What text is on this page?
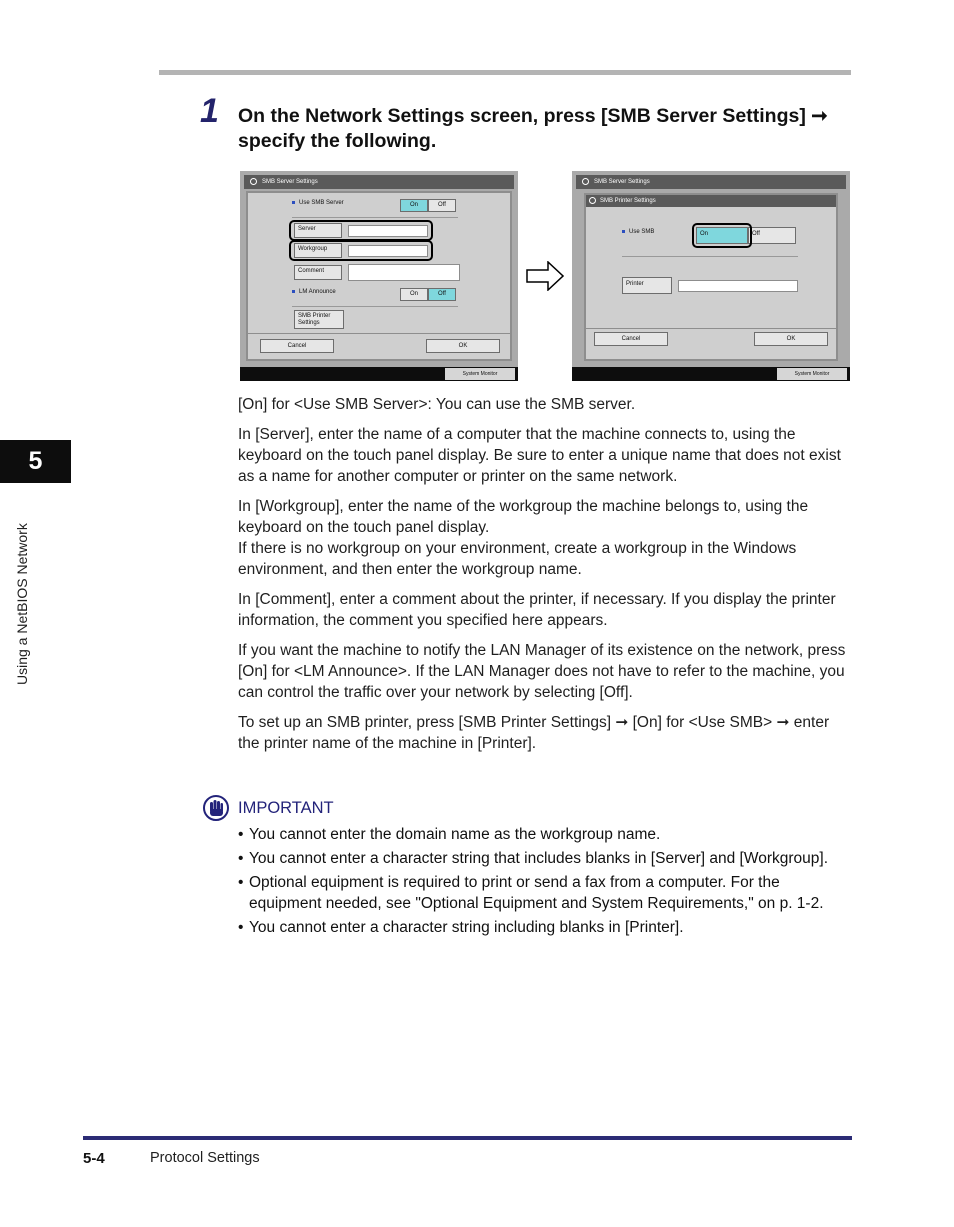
1 On the Network Settings screen, press [SMB Server Settings] ➞ specify the following.
SMB Server Settings
Use SMB Server	On	Off
Server
Workgroup
Comment
LM Announce	On	Off
SMB Printer Settings
Cancel	OK
System Monitor
SMB Server Settings
SMB Printer Settings
Use SMB	On	Off
Printer
Cancel	OK
System Monitor

[On] for <Use SMB Server>: You can use the SMB server.

In [Server], enter the name of a computer that the machine connects to, using the keyboard on the touch panel display. Be sure to enter a unique name that does not exist as a name for another computer or printer on the same network.

In [Workgroup], enter the name of the workgroup the machine belongs to, using the keyboard on the touch panel display.
If there is no workgroup on your environment, create a workgroup in the Windows environment, and then enter the workgroup name.

In [Comment], enter a comment about the printer, if necessary. If you display the printer information, the comment you specified here appears.

If you want the machine to notify the LAN Manager of its existence on the network, press [On] for <LM Announce>. If the LAN Manager does not have to refer to the machine, you can control the traffic over your network by selecting [Off].

To set up an SMB printer, press [SMB Printer Settings] ➞ [On] for <Use SMB> ➞ enter the printer name of the machine in [Printer].

IMPORTANT
• You cannot enter the domain name as the workgroup name.
• You cannot enter a character string that includes blanks in [Server] and [Workgroup].
• Optional equipment is required to print or send a fax from a computer. For the equipment needed, see "Optional Equipment and System Requirements," on p. 1-2.
• You cannot enter a character string including blanks in [Printer].
5
Using a NetBIOS Network
5-4	Protocol Settings
